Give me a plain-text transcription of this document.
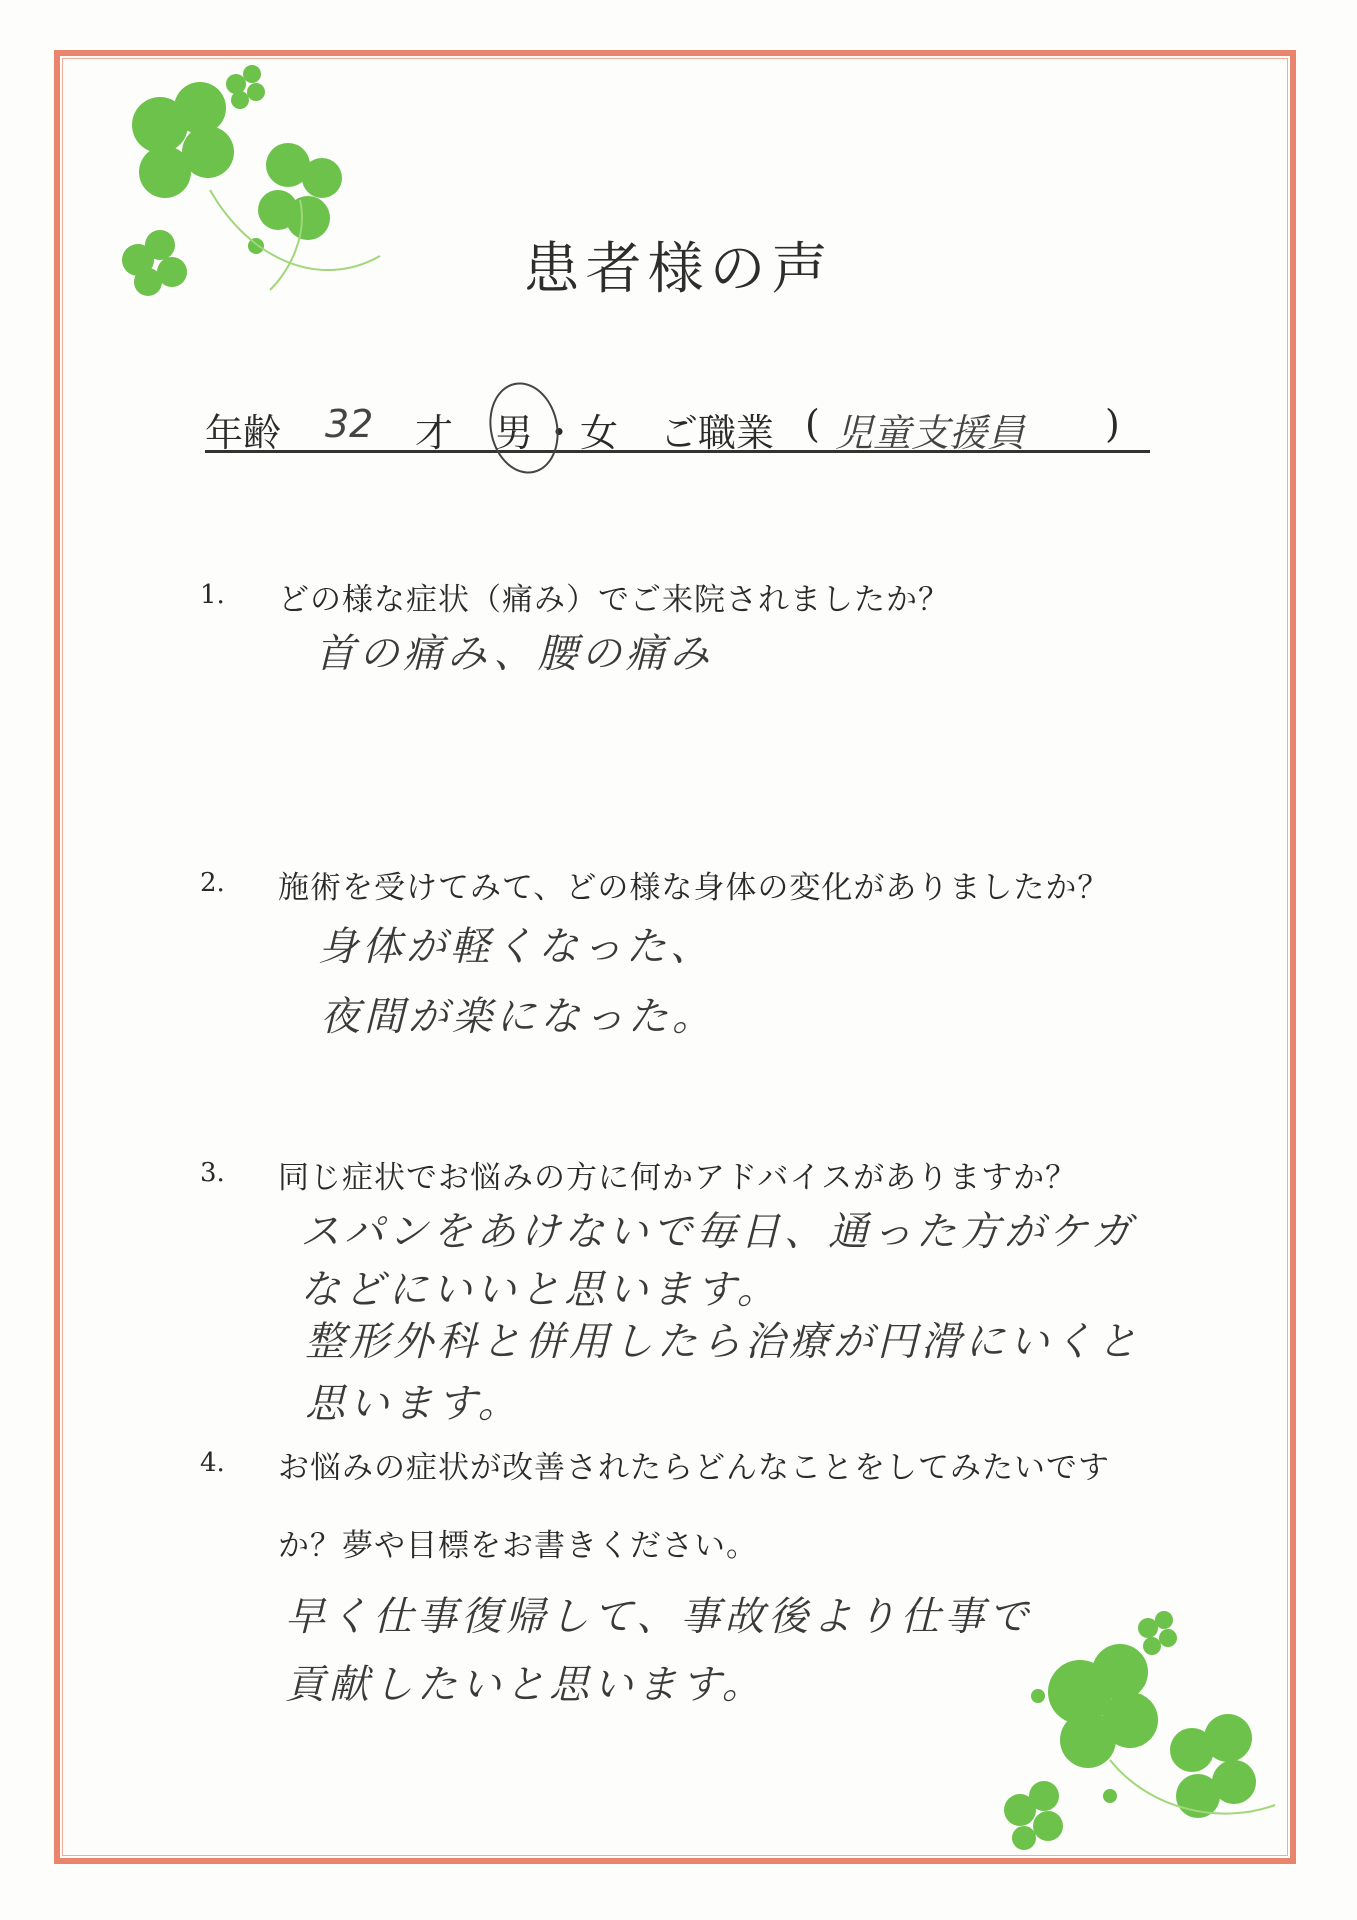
患者様の声
年齢 32 才 男 ・ 女 ご職業 ( 児童支援員 )
1. どの様な症状（痛み）でご来院されましたか？
首の痛み、腰の痛み
2. 施術を受けてみて、どの様な身体の変化がありましたか？
身体が軽くなった、
夜間が楽になった。
3. 同じ症状でお悩みの方に何かアドバイスがありますか？
スパンをあけないで毎日、通った方がケガ
などにいいと思います。
整形外科と併用したら治療が円滑にいくと
思います。
4. お悩みの症状が改善されたらどんなことをしてみたいです
か？夢や目標をお書きください。
早く仕事復帰して、事故後より仕事で
貢献したいと思います。
